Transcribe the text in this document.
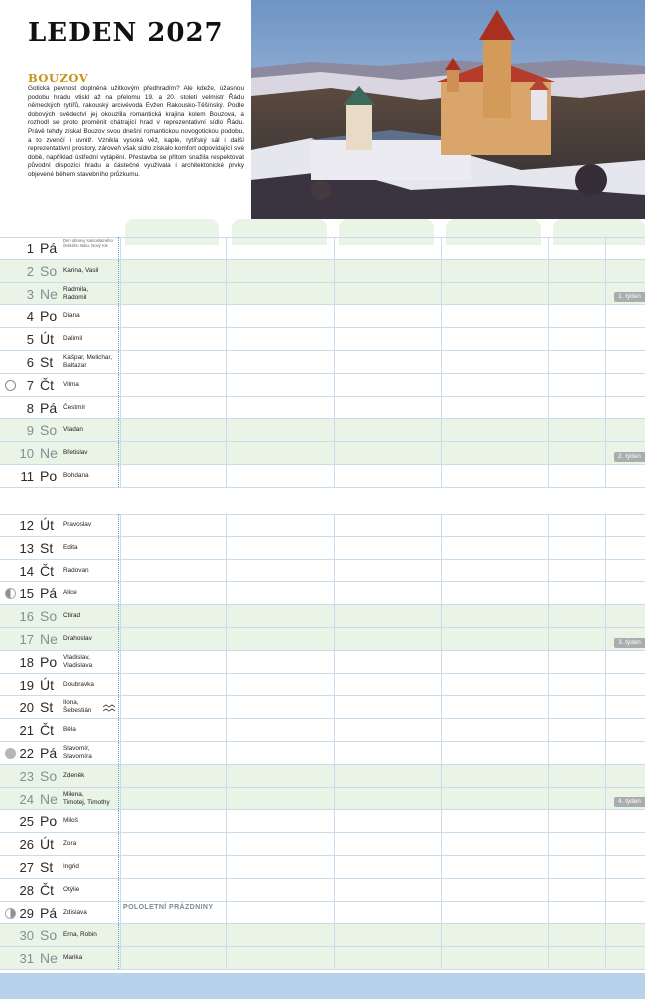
LEDEN 2027
BOUZOV

Gotická pevnost doplněná užitkovým předhradím? Ale kdeže, úžasnou podobu hradu vtiskl až na přelomu 19. a 20. století velmistr Řádu německých rytířů, rakouský arcivévoda Evžen Rakousko-Těšínský. Podle dobových svědectví jej okouzlila romantická krajina kolem Bouzova, a rozhodl se proto proměnit chátrající hrad v reprezentativní sídlo Řádu. Právě tehdy získal Bouzov svou dnešní romantickou novogotickou podobu, a to zvenčí i uvnitř. Vznikla vysoká věž, kaple, rytířský sál i další reprezentativní prostory, zároveň však sídlo získalo komfort odpovídající své době, například ústřední vytápění. Přestavba se přitom snažila respektovat původní dispozici hradu a částečné využívala i architektonické prvky objevené během stavebního průzkumu.

1 Pá Den obnovy samostatného českého státu, Nový rok
2 So Karina, Vasil
3 Ne Radmila,
Radomil
4 Po Diana
1. týden
5 Út Dalimil
6 St Kašpar, Melichar,
Baltazar
7 Čt Vilma
8 Pá Čestmír
9 So Vladan
10 Ne Břetislav
11 Po Bohdana
2. týden
12 Út Pravoslav
13 St Edita
14 Čt Radovan
15 Pá Alice
16 So Ctirad
17 Ne Drahoslav
18 Po Vladislav,
Vladislava
3. týden
19 Út Doubravka
20 St Ilona,
Šebestián
21 Čt Běla
22 Pá Slavomír,
Slavomíra
23 So Zdeněk
24 Ne Milena,
Timotej, Timothy
25 Po Miloš
4. týden
26 Út Zora
27 St Ingrid
28 Čt Otýlie
29 Pá Zdislava
POLOLETNÍ PRÁZDNINY
30 So Erna, Robin
31 Ne Marika
